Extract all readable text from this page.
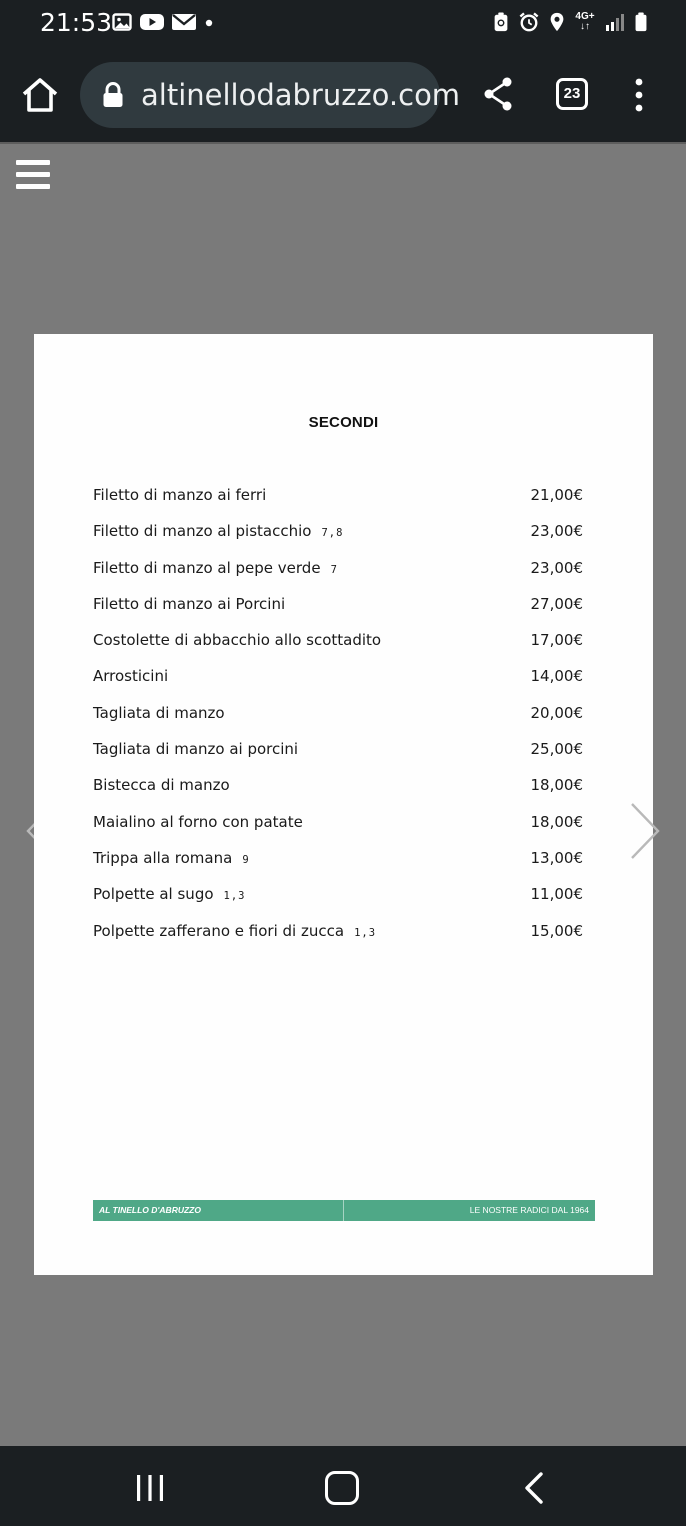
21:53	4G+
↓↑
altinellodabruzzo.com	23
SECONDI
Filetto di manzo ai ferri	21,00€
Filetto di manzo al pistacchio 7,8	23,00€
Filetto di manzo al pepe verde 7	23,00€
Filetto di manzo ai Porcini	27,00€
Costolette di abbacchio allo scottadito	17,00€
Arrosticini	14,00€
Tagliata di manzo	20,00€
Tagliata di manzo ai porcini	25,00€
Bistecca di manzo	18,00€
Maialino al forno con patate	18,00€
Trippa alla romana 9	13,00€
Polpette al sugo 1,3	11,00€
Polpette zafferano e fiori di zucca 1,3	15,00€
AL TINELLO D'ABRUZZO	LE NOSTRE RADICI DAL 1964
